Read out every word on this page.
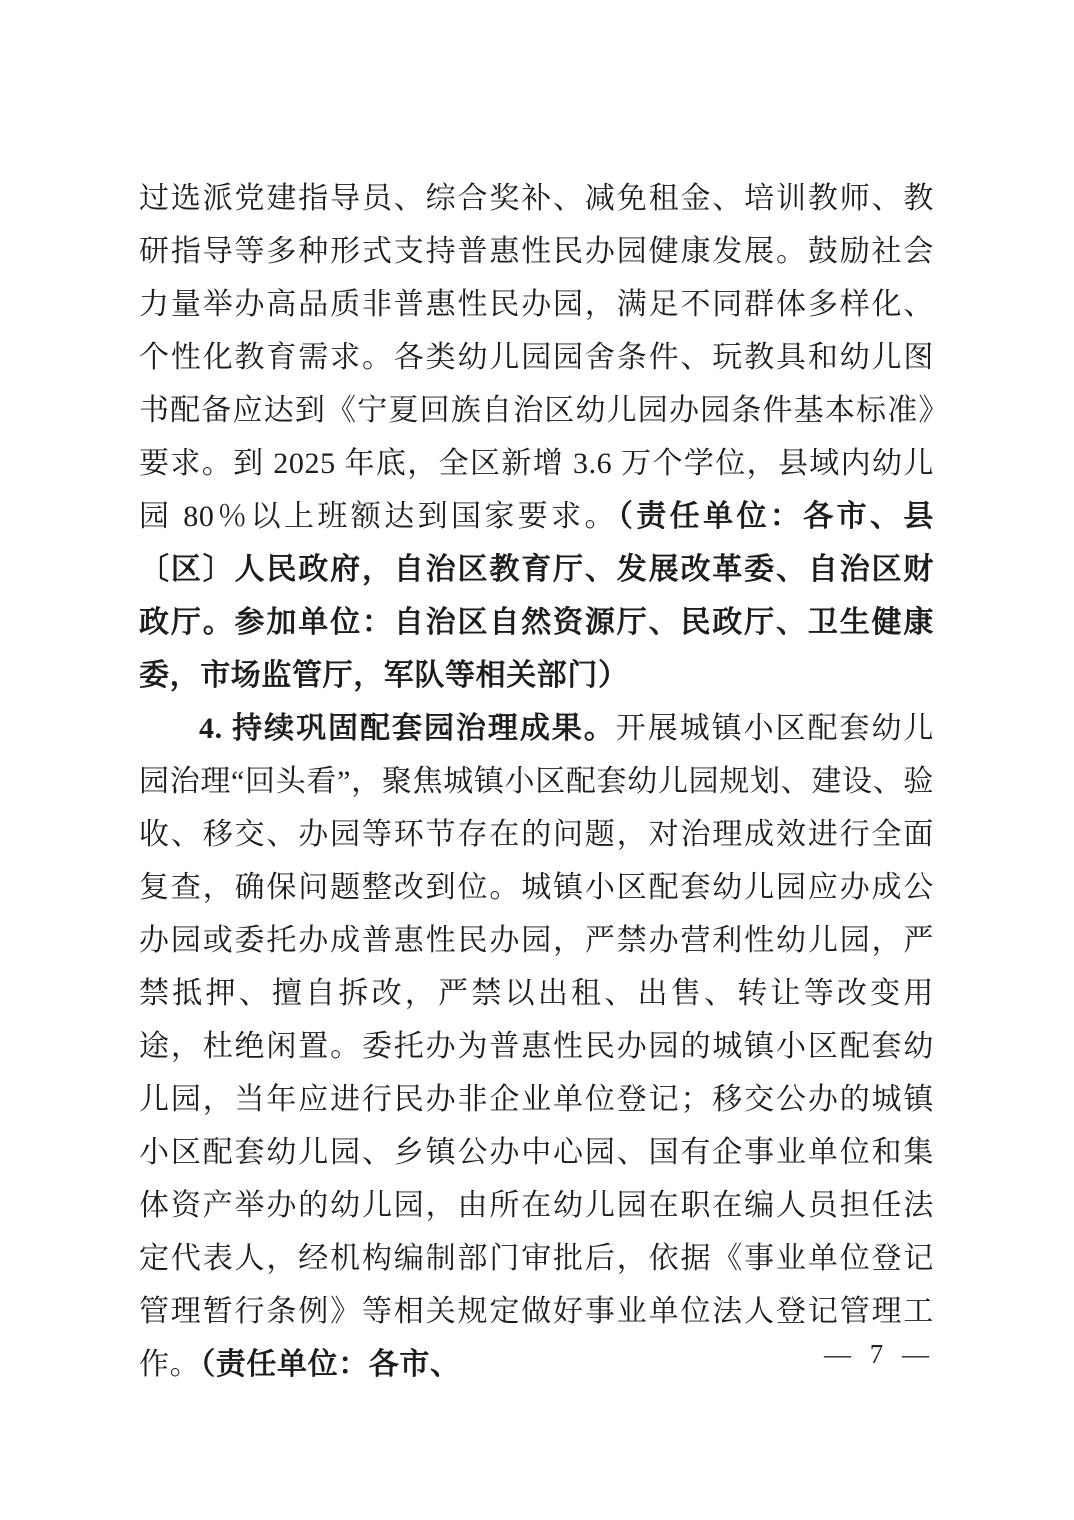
过选派党建指导员、综合奖补、减免租金、培训教师、教研指导等多种形式支持普惠性民办园健康发展。鼓励社会力量举办高品质非普惠性民办园，满足不同群体多样化、个性化教育需求。各类幼儿园园舍条件、玩教具和幼儿图书配备应达到《宁夏回族自治区幼儿园办园条件基本标准》要求。到 2025 年底，全区新增 3.6 万个学位，县域内幼儿园 80％以上班额达到国家要求。（责任单位：各市、县〔区〕人民政府，自治区教育厅、发展改革委、自治区财政厅。参加单位：自治区自然资源厅、民政厅、卫生健康委，市场监管厅，军队等相关部门）

4. 持续巩固配套园治理成果。开展城镇小区配套幼儿园治理“回头看”，聚焦城镇小区配套幼儿园规划、建设、验收、移交、办园等环节存在的问题，对治理成效进行全面复查，确保问题整改到位。城镇小区配套幼儿园应办成公办园或委托办成普惠性民办园，严禁办营利性幼儿园，严禁抵押、擅自拆改，严禁以出租、出售、转让等改变用途，杜绝闲置。委托办为普惠性民办园的城镇小区配套幼儿园，当年应进行民办非企业单位登记；移交公办的城镇小区配套幼儿园、乡镇公办中心园、国有企事业单位和集体资产举办的幼儿园，由所在幼儿园在职在编人员担任法定代表人，经机构编制部门审批后，依据《事业单位登记管理暂行条例》等相关规定做好事业单位法人登记管理工作。（责任单位：各市、	— 7 —
